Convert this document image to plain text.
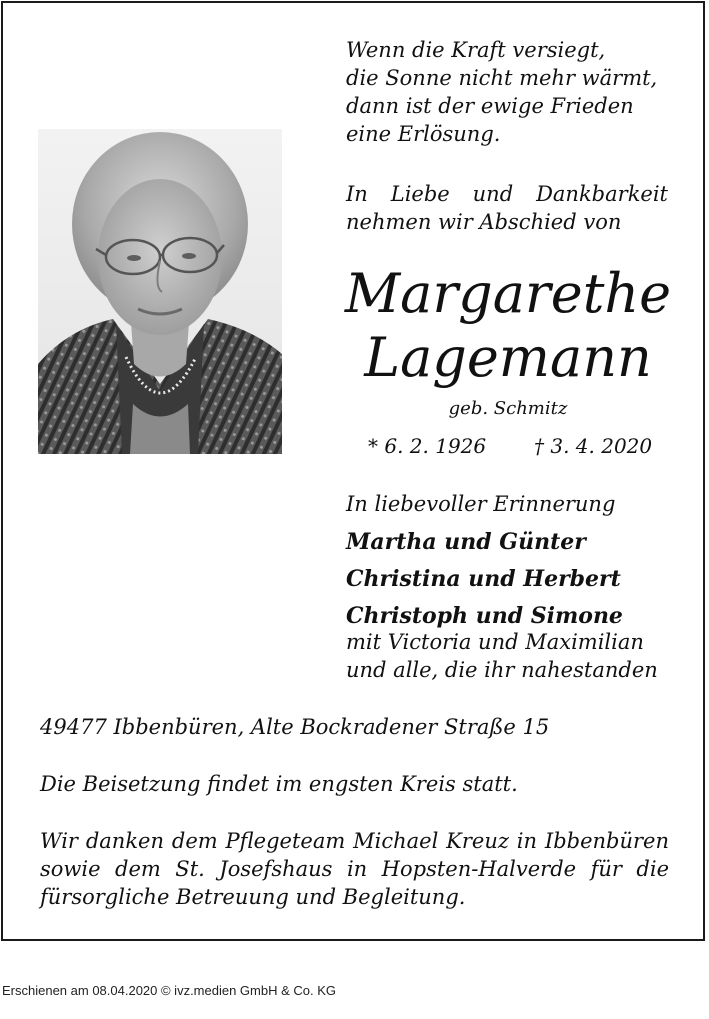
Wenn die Kraft versiegt,
die Sonne nicht mehr wärmt,
dann ist der ewige Frieden
eine Erlösung.
In Liebe und Dankbarkeit
nehmen wir Abschied von
Margarethe
Lagemann
geb. Schmitz
* 6. 2. 1926 † 3. 4. 2020
In liebevoller Erinnerung
Martha und Günter
Christina und Herbert
Christoph und Simone
mit Victoria und Maximilian
und alle, die ihr nahestanden
49477 Ibbenbüren, Alte Bockradener Straße 15
Die Beisetzung findet im engsten Kreis statt.
Wir danken dem Pflegeteam Michael Kreuz in Ibbenbüren
sowie dem St. Josefshaus in Hopsten-Halverde für die
fürsorgliche Betreuung und Begleitung.
Erschienen am 08.04.2020 © ivz.medien GmbH & Co. KG
